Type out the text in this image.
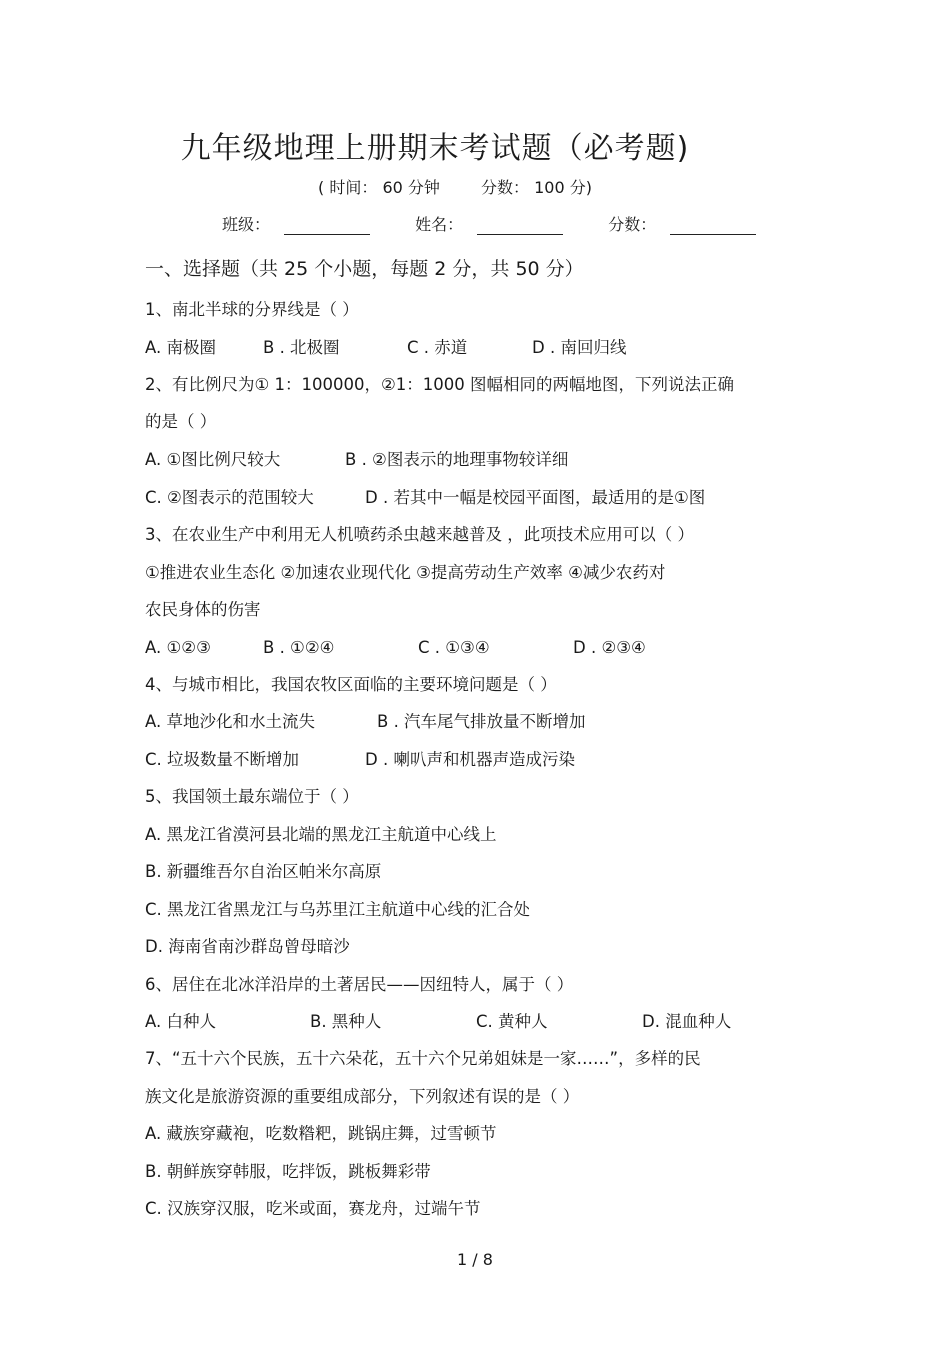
九年级地理上册期末考试题（必考题)
( 时间： 60 分钟	分数： 100 分)
班级：	姓名：	分数：
一、选择题（共 25 个小题，每题 2 分，共 50 分）
1、南北半球的分界线是（ ）
A. 南极圈	B . 北极圈	C . 赤道	D . 南回归线
2、有比例尺为① 1：100000，②1：1000 图幅相同的两幅地图，下列说法正确
的是（ ）
A. ①图比例尺较大	B . ②图表示的地理事物较详细
C. ②图表示的范围较大	D . 若其中一幅是校园平面图，最适用的是①图
3、在农业生产中利用无人机喷药杀虫越来越普及 ，此项技术应用可以（ ）
①推进农业生态化 ②加速农业现代化 ③提高劳动生产效率 ④减少农药对
农民身体的伤害
A. ①②③	B . ①②④	C . ①③④	D . ②③④
4、与城市相比，我国农牧区面临的主要环境问题是（ ）
A. 草地沙化和水土流失	B . 汽车尾气排放量不断增加
C. 垃圾数量不断增加	D . 喇叭声和机器声造成污染
5、我国领土最东端位于（ ）
A. 黑龙江省漠河县北端的黑龙江主航道中心线上
B. 新疆维吾尔自治区帕米尔高原
C. 黑龙江省黑龙江与乌苏里江主航道中心线的汇合处
D. 海南省南沙群岛曾母暗沙
6、居住在北冰洋沿岸的土著居民——因纽特人，属于（ ）
A. 白种人	B. 黑种人	C. 黄种人	D. 混血种人
7、“五十六个民族，五十六朵花，五十六个兄弟姐妹是一家……”，多样的民
族文化是旅游资源的重要组成部分，下列叙述有误的是（ ）
A. 藏族穿藏袍，吃数糌粑，跳锅庄舞，过雪顿节
B. 朝鲜族穿韩服，吃拌饭，跳板舞彩带
C. 汉族穿汉服，吃米或面，赛龙舟，过端午节
1 / 8
